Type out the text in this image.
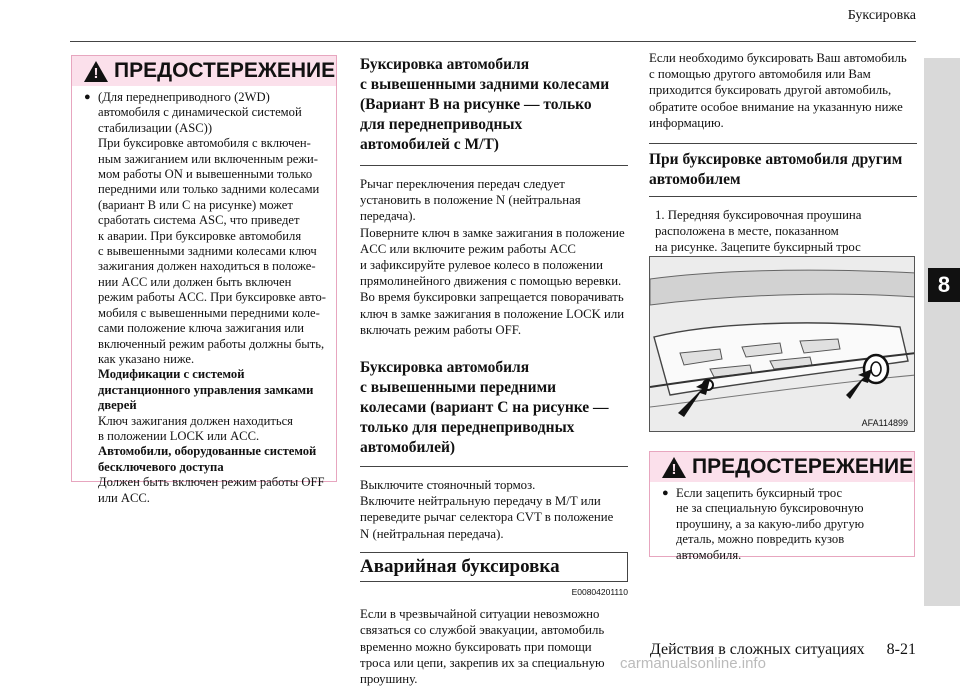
Буксировка
8
! ПРЕДОСТЕРЕЖЕНИЕ
● (Для переднеприводного (2WD)
автомобиля с динамической системой
стабилизации (ASC))
При буксировке автомобиля с включен-
ным зажиганием или включенным режи-
мом работы ON и вывешенными только
передними или только задними колесами
(вариант B или C на рисунке) может
сработать система ASC, что приведет
к аварии. При буксировке автомобиля
с вывешенными задними колесами ключ
зажигания должен находиться в положе-
нии ACC или должен быть включен
режим работы ACC. При буксировке авто-
мобиля с вывешенными передними коле-
сами положение ключа зажигания или
включенный режим работы должны быть,
как указано ниже.
Модификации с системой
дистанционного управления замками
дверей
Ключ зажигания должен находиться
в положении LOCK или ACC.
Автомобили, оборудованные системой
бесключевого доступа
Должен быть включен режим работы OFF
или ACC.
Буксировка автомобиля
с вывешенными задними колесами
(Вариант B на рисунке — только
для переднеприводных
автомобилей с M/T)
Рычаг переключения передач следует
установить в положение N (нейтральная
передача).
Поверните ключ в замке зажигания в положение
ACC или включите режим работы ACC
и зафиксируйте рулевое колесо в положении
прямолинейного движения с помощью веревки.
Во время буксировки запрещается поворачивать
ключ в замке зажигания в положение LOCK или
включать режим работы OFF.
Буксировка автомобиля
с вывешенными передними
колесами (вариант C на рисунке —
только для переднеприводных
автомобилей)
Выключите стояночный тормоз.
Включите нейтральную передачу в M/T или
переведите рычаг селектора CVT в положение
N (нейтральная передача).
Аварийная буксировка
E00804201110
Если в чрезвычайной ситуации невозможно
связаться со службой эвакуации, автомобиль
временно можно буксировать при помощи
троса или цепи, закрепив их за специальную
проушину.
Если необходимо буксировать Ваш автомобиль
с помощью другого автомобиля или Вам
приходится буксировать другой автомобиль,
обратите особое внимание на указанную ниже
информацию.
При буксировке автомобиля другим
автомобилем
1. Передняя буксировочная проушина
расположена в месте, показанном
на рисунке. Зацепите буксирный трос

AFA114899
! ПРЕДОСТЕРЕЖЕНИЕ
● Если зацепить буксирный трос
не за специальную буксировочную
проушину, а за какую-либо другую
деталь, можно повредить кузов
автомобиля.
Действия в сложных ситуациях 8-21
carmanualsonline.info
